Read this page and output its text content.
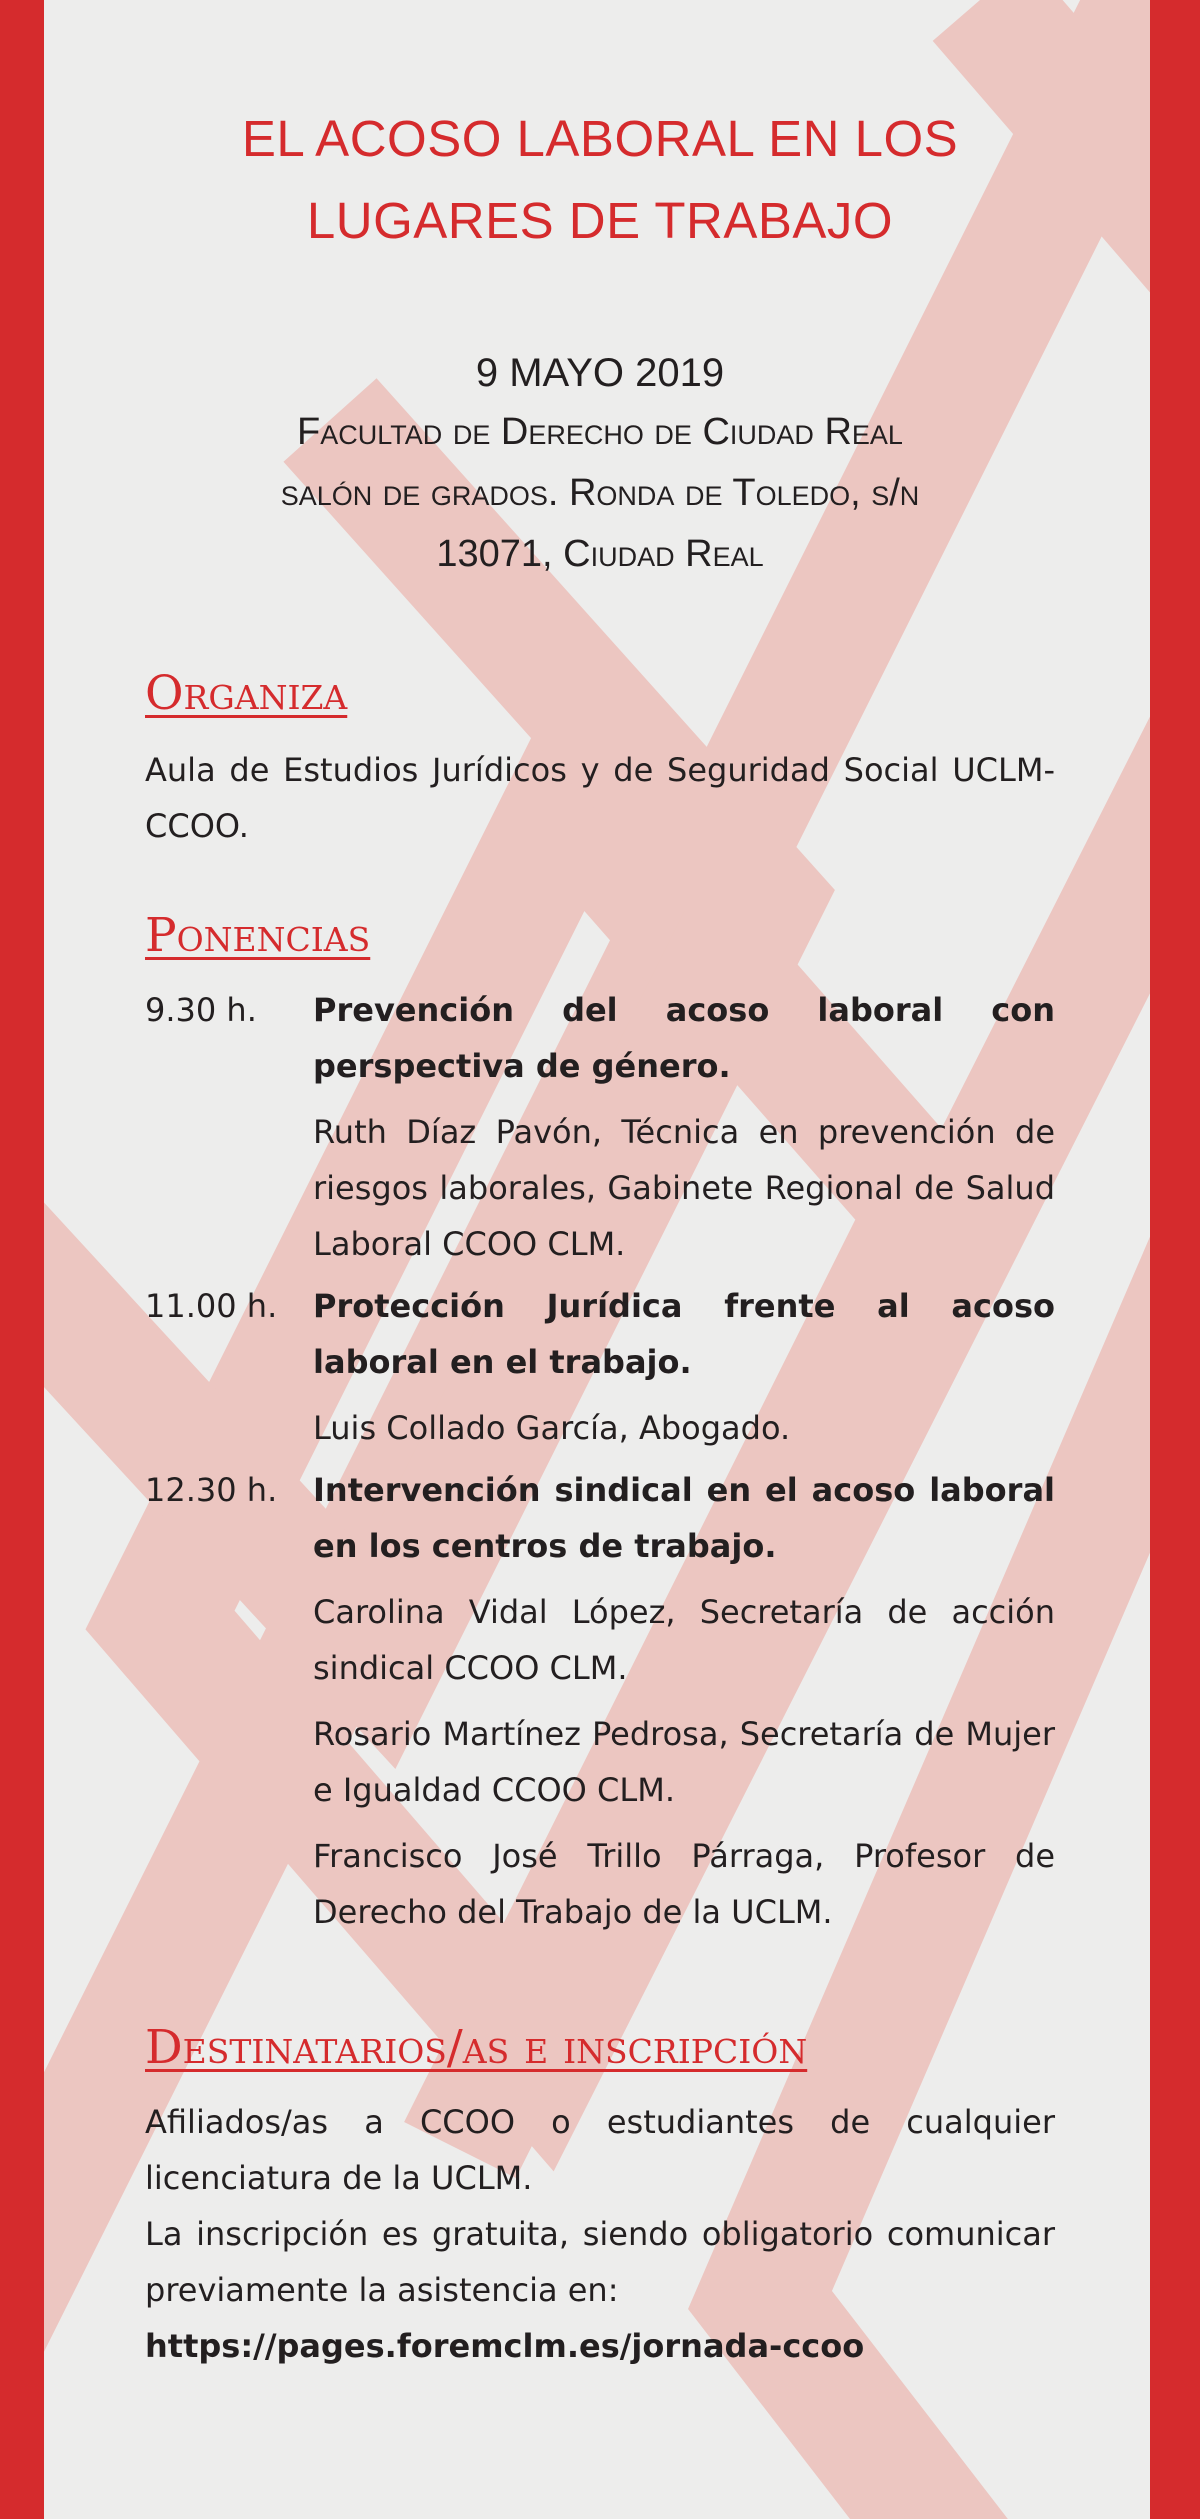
EL ACOSO LABORAL EN LOS
LUGARES DE TRABAJO
9 MAYO 2019
Facultad de Derecho de Ciudad Real
salón de grados. Ronda de Toledo, s/n
13071, Ciudad Real
Organiza
Aula de Estudios Jurídicos y de Seguridad Social UCLM-CCOO.
Ponencias
9.30 h. Prevención del acoso laboral con perspectiva de género.
Ruth Díaz Pavón, Técnica en prevención de riesgos laborales, Gabinete Regional de Salud Laboral CCOO CLM.
11.00 h. Protección Jurídica frente al acoso laboral en el trabajo.
Luis Collado García, Abogado.
12.30 h. Intervención sindical en el acoso laboral en los centros de trabajo.
Carolina Vidal López, Secretaría de acción sindical CCOO CLM.
Rosario Martínez Pedrosa, Secretaría de Mujer e Igualdad CCOO CLM.
Francisco José Trillo Párraga, Profesor de Derecho del Trabajo de la UCLM.
Destinatarios/as e inscripción

Afiliados/as a CCOO o estudiantes de cualquier licenciatura de la UCLM.

La inscripción es gratuita, siendo obligatorio comunicar previamente la asistencia en:

https://pages.foremclm.es/jornada-ccoo
